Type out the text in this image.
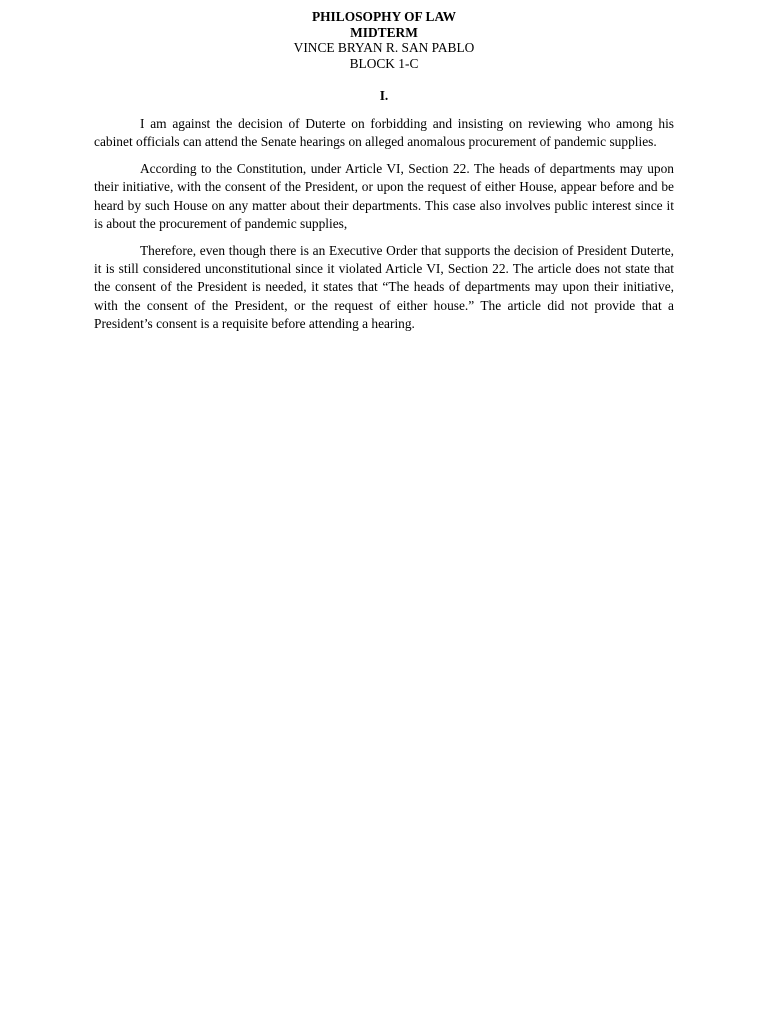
PHILOSOPHY OF LAW
MIDTERM
VINCE BRYAN R. SAN PABLO
BLOCK 1-C
I.

I am against the decision of Duterte on forbidding and insisting on reviewing who among his cabinet officials can attend the Senate hearings on alleged anomalous procurement of pandemic supplies.

According to the Constitution, under Article VI, Section 22. The heads of departments may upon their initiative, with the consent of the President, or upon the request of either House, appear before and be heard by such House on any matter about their departments. This case also involves public interest since it is about the procurement of pandemic supplies,

Therefore, even though there is an Executive Order that supports the decision of President Duterte, it is still considered unconstitutional since it violated Article VI, Section 22. The article does not state that the consent of the President is needed, it states that “The heads of departments may upon their initiative, with the consent of the President, or the request of either house.” The article did not provide that a President’s consent is a requisite before attending a hearing.
